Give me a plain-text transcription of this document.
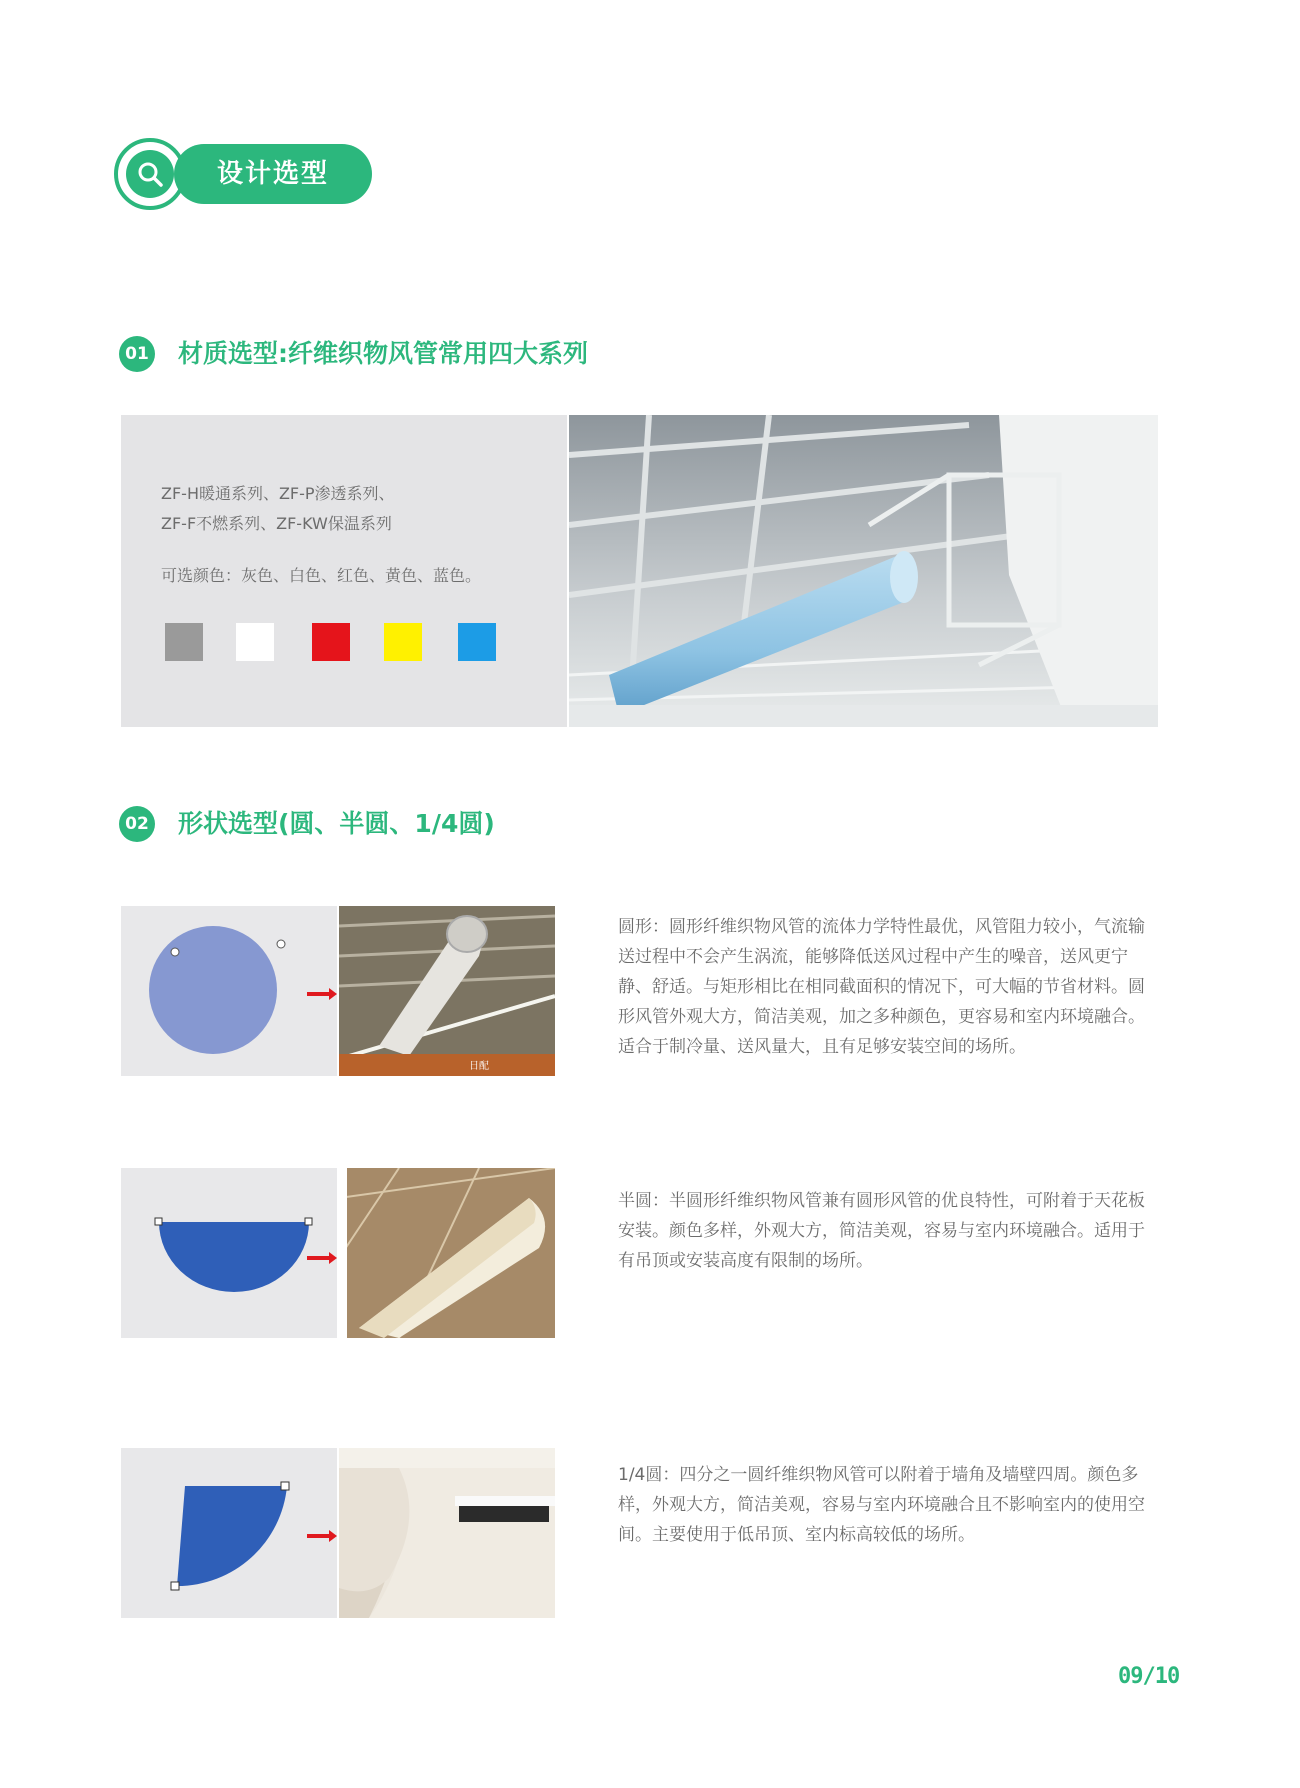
设计选型
01 材质选型:纤维织物风管常用四大系列
ZF-H暖通系列、ZF-P渗透系列、
ZF-F不燃系列、ZF-KW保温系列
可选颜色：灰色、白色、红色、黄色、蓝色。
02 形状选型(圆、半圆、1/4圆)
日配
圆形：圆形纤维织物风管的流体力学特性最优，风管阻力较小，气流输
送过程中不会产生涡流，能够降低送风过程中产生的噪音，送风更宁
静、舒适。与矩形相比在相同截面积的情况下，可大幅的节省材料。圆
形风管外观大方，简洁美观，加之多种颜色，更容易和室内环境融合。
适合于制冷量、送风量大，且有足够安装空间的场所。
半圆：半圆形纤维织物风管兼有圆形风管的优良特性，可附着于天花板
安装。颜色多样，外观大方，简洁美观，容易与室内环境融合。适用于
有吊顶或安装高度有限制的场所。
1/4圆：四分之一圆纤维织物风管可以附着于墙角及墙壁四周。颜色多
样，外观大方，简洁美观，容易与室内环境融合且不影响室内的使用空
间。主要使用于低吊顶、室内标高较低的场所。
09/10
